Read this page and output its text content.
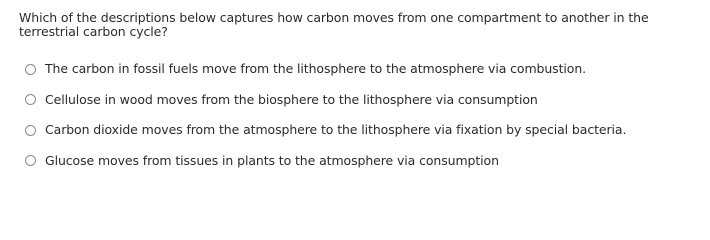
Which of the descriptions below captures how carbon moves from one compartment to another in the terrestrial carbon cycle?
The carbon in fossil fuels move from the lithosphere to the atmosphere via combustion.
Cellulose in wood moves from the biosphere to the lithosphere via consumption
Carbon dioxide moves from the atmosphere to the lithosphere via fixation by special bacteria.
Glucose moves from tissues in plants to the atmosphere via consumption
